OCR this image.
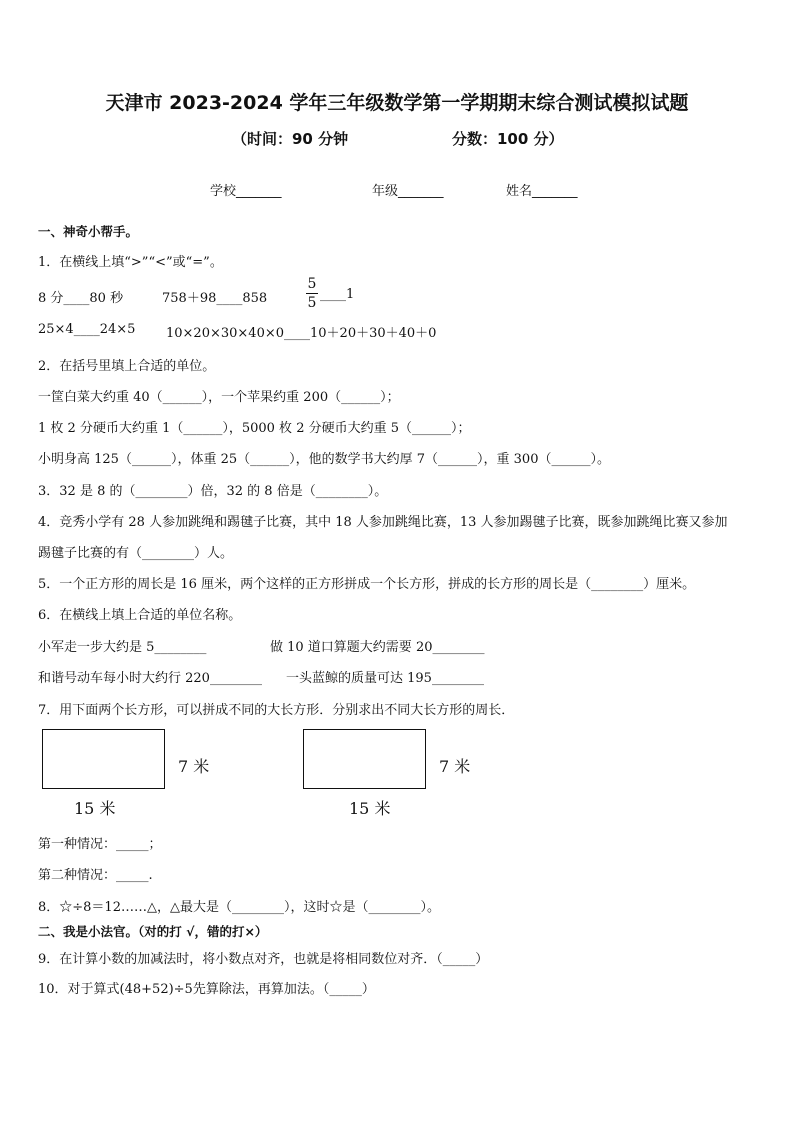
天津市 2023-2024 学年三年级数学第一学期期末综合测试模拟试题
（时间：90 分钟	分数：100 分）
学校_______	年级_______	姓名_______
一、神奇小帮手。
1．在横线上填“>”“<”或“=”。
8 分____80 秒	758＋98____858	$\frac{5}{5}$ ____1
25×4____24×5 10×20×30×40×0____10＋20＋30＋40＋0
2．在括号里填上合适的单位。
一筐白菜大约重 40（______），一个苹果约重 200（______）；
1 枚 2 分硬币大约重 1（______），5000 枚 2 分硬币大约重 5（______）；
小明身高 125（______），体重 25（______），他的数学书大约厚 7（______），重 300（______）。
3．32 是 8 的（________）倍，32 的 8 倍是（________）。
4．竞秀小学有 28 人参加跳绳和踢毽子比赛，其中 18 人参加跳绳比赛，13 人参加踢毽子比赛，既参加跳绳比赛又参加
踢毽子比赛的有（________）人。
5．一个正方形的周长是 16 厘米，两个这样的正方形拼成一个长方形，拼成的长方形的周长是（________）厘米。
6．在横线上填上合适的单位名称。
小军走一步大约是 5________	做 10 道口算题大约需要 20________
和谐号动车每小时大约行 220________ 一头蓝鲸的质量可达 195________
7．用下面两个长方形，可以拼成不同的大长方形．分别求出不同大长方形的周长．
7 米
15 米
7 米
15 米
第一种情况：_____；
第二种情况：_____.
8．☆÷8＝12……△，△最大是（________），这时☆是（________）。
二、我是小法官。（对的打 √，错的打×）
9．在计算小数的加减法时，将小数点对齐，也就是将相同数位对齐．（_____）
10．对于算式(48+52)÷5先算除法，再算加法。（_____）
